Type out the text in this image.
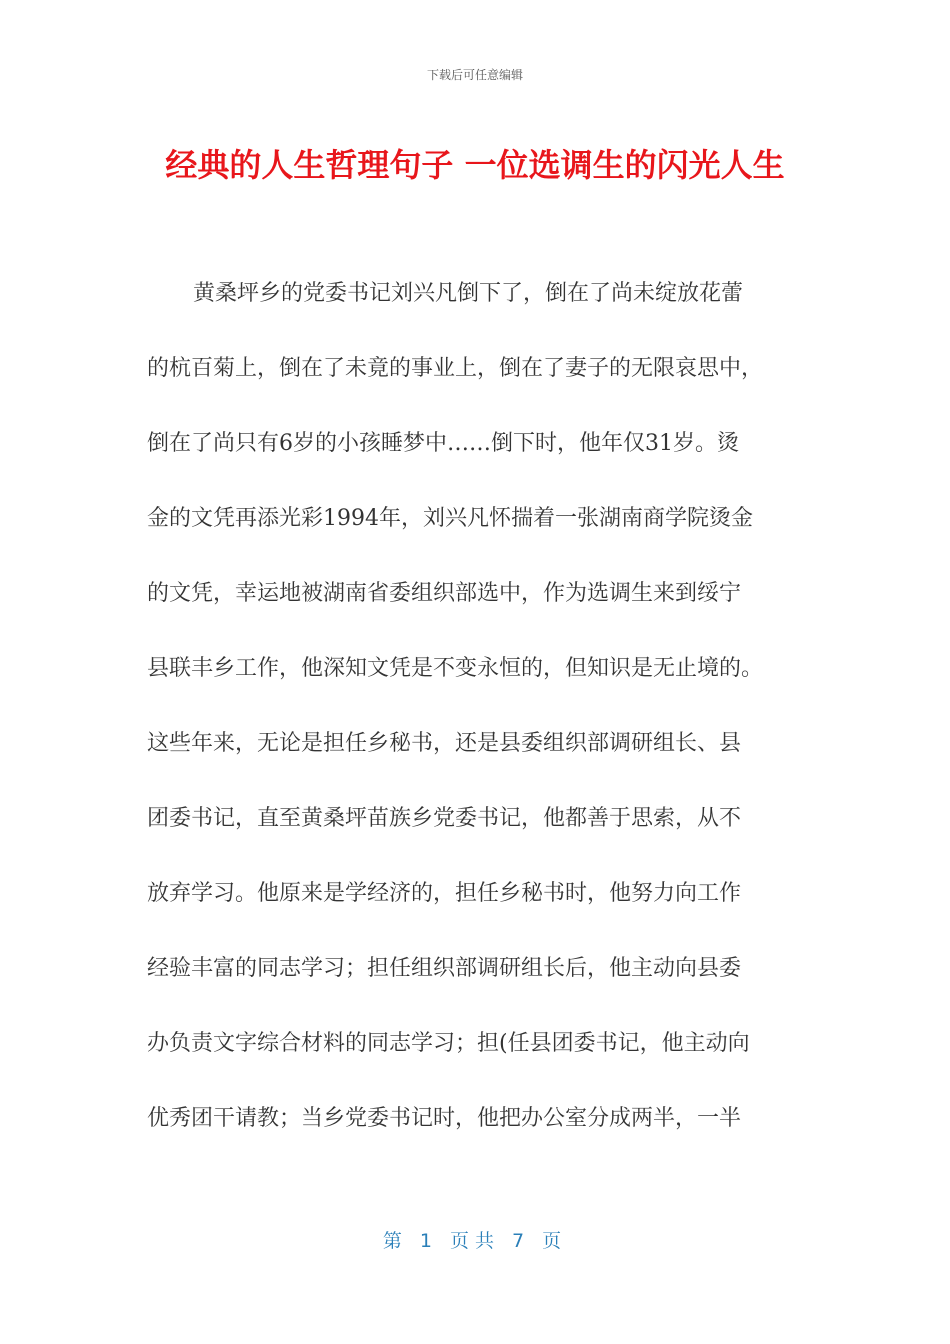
下载后可任意编辑
经典的人生哲理句子 一位选调生的闪光人生
黄桑坪乡的党委书记刘兴凡倒下了，倒在了尚未绽放花蕾
的杭百菊上，倒在了未竟的事业上，倒在了妻子的无限哀思中，
倒在了尚只有6岁的小孩睡梦中……倒下时，他年仅31岁。烫
金的文凭再添光彩1994年，刘兴凡怀揣着一张湖南商学院烫金
的文凭，幸运地被湖南省委组织部选中，作为选调生来到绥宁
县联丰乡工作，他深知文凭是不变永恒的，但知识是无止境的。
这些年来，无论是担任乡秘书，还是县委组织部调研组长、县
团委书记，直至黄桑坪苗族乡党委书记，他都善于思索，从不
放弃学习。他原来是学经济的，担任乡秘书时，他努力向工作
经验丰富的同志学习；担任组织部调研组长后，他主动向县委
办负责文字综合材料的同志学习；担(任县团委书记，他主动向
优秀团干请教；当乡党委书记时，他把办公室分成两半，一半
第 1 页共 7 页
